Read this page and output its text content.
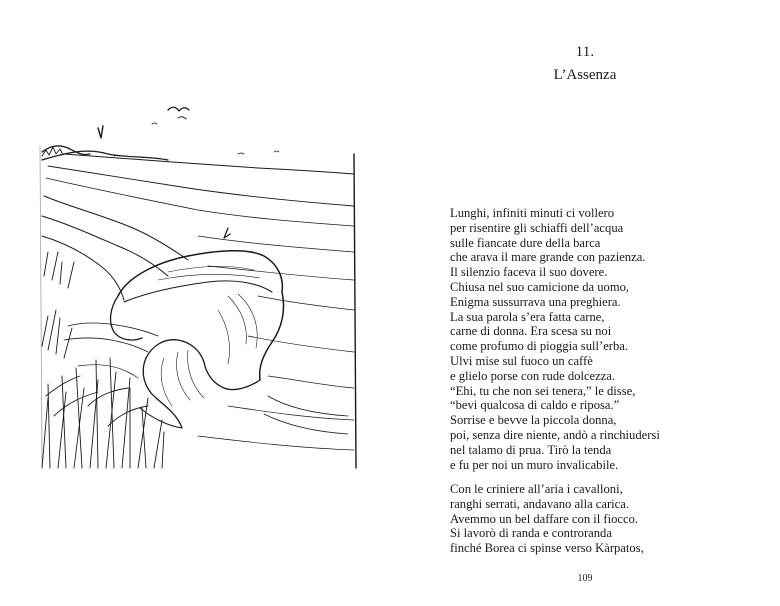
11.
L’Assenza
Lunghi, infiniti minuti ci vollero
per risentire gli schiaffi dell’acqua
sulle fiancate dure della barca
che arava il mare grande con pazienza.
Il silenzio faceva il suo dovere.
Chiusa nel suo camicione da uomo,
Enigma sussurrava una preghiera.
La sua parola s’era fatta carne,
carne di donna. Era scesa su noi
come profumo di pioggia sull’erba.
Ulvi mise sul fuoco un caffè
e glielo porse con rude dolcezza.
“Ehi, tu che non sei tenera,” le disse,
“bevi qualcosa di caldo e riposa.”
Sorrise e bevve la piccola donna,
poi, senza dire niente, andò a rinchiudersi
nel talamo di prua. Tirò la tenda
e fu per noi un muro invalicabile.
Con le criniere all’aria i cavalloni,
ranghi serrati, andavano alla carica.
Avemmo un bel daffare con il fiocco.
Si lavorò di randa e controranda
finché Borea ci spinse verso Kàrpatos,
109
